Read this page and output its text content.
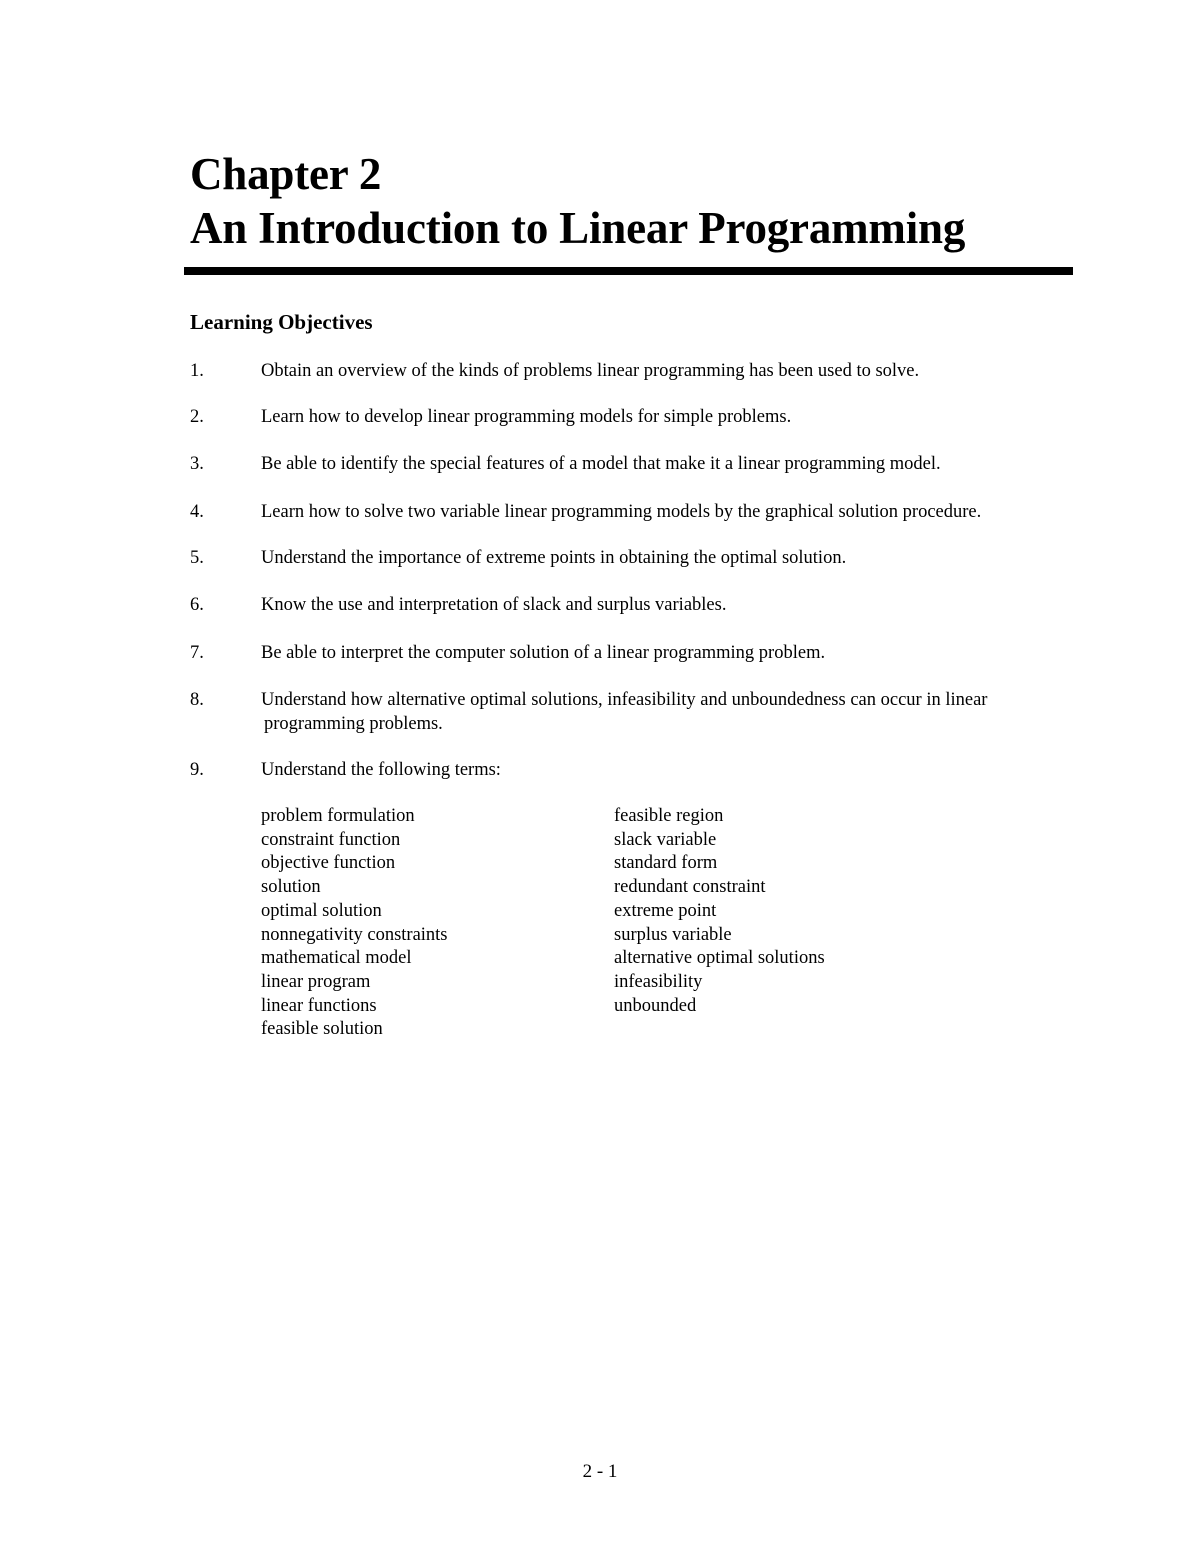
Chapter 2
An Introduction to Linear Programming
Learning Objectives
1.	Obtain an overview of the kinds of problems linear programming has been used to solve.
2.	Learn how to develop linear programming models for simple problems.
3.	Be able to identify the special features of a model that make it a linear programming model.
4.	Learn how to solve two variable linear programming models by the graphical solution procedure.
5.	Understand the importance of extreme points in obtaining the optimal solution.
6.	Know the use and interpretation of slack and surplus variables.
7.	Be able to interpret the computer solution of a linear programming problem.
8.	Understand how alternative optimal solutions, infeasibility and unboundedness can occur in linear
programming problems.
9.	Understand the following terms:
problem formulation
constraint function
objective function
solution
optimal solution
nonnegativity constraints
mathematical model
linear program
linear functions
feasible solution
feasible region
slack variable
standard form
redundant constraint
extreme point
surplus variable
alternative optimal solutions
infeasibility
unbounded
2 - 1
